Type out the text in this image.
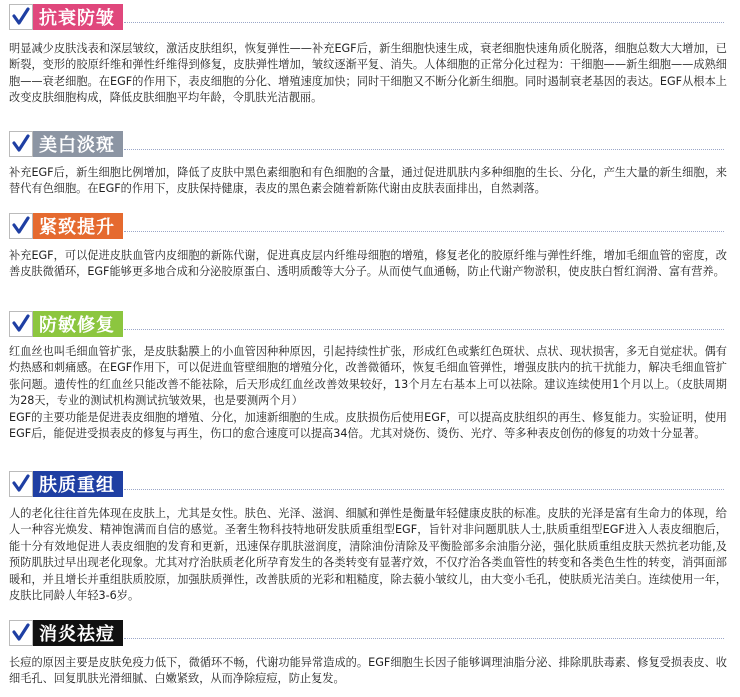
抗衰防皱

明显减少皮肤浅表和深层皱纹，激活皮肤组织，恢复弹性——补充EGF后，新生细胞快速生成，衰老细胞快速角质化脱落，细胞总数大大增加，已断裂，变形的胶原纤维和弹性纤维得到修复，皮肤弹性增加，皱纹逐渐平复、消失。人体细胞的正常分化过程为：干细胞——新生细胞——成熟细胞——衰老细胞。在EGF的作用下，表皮细胞的分化、增殖速度加快；同时干细胞又不断分化新生细胞。同时遏制衰老基因的表达。EGF从根本上改变皮肤细胞构成，降低皮肤细胞平均年龄，令肌肤光洁靓丽。

美白淡斑

补充EGF后，新生细胞比例增加，降低了皮肤中黑色素细胞和有色细胞的含量，通过促进肌肤内多种细胞的生长、分化，产生大量的新生细胞，来替代有色细胞。在EGF的作用下，皮肤保持健康，表皮的黑色素会随着新陈代谢由皮肤表面排出，自然剥落。

紧致提升

补充EGF，可以促进皮肤血管内皮细胞的新陈代谢，促进真皮层内纤维母细胞的增殖，修复老化的胶原纤维与弹性纤维，增加毛细血管的密度，改善皮肤微循环，EGF能够更多地合成和分泌胶原蛋白、透明质酸等大分子。从而使气血通畅，防止代谢产物淤积，使皮肤白皙红润滑、富有营养。

防敏修复

红血丝也叫毛细血管扩张，是皮肤黏膜上的小血管因种种原因，引起持续性扩张，形成红色或紫红色斑状、点状、现状损害，多无自觉症状。偶有灼热感和刺痛感。在EGF作用下，可以促进血管壁细胞的增殖分化，改善微循环，恢复毛细血管弹性，增强皮肤内的抗干扰能力，解决毛细血管扩张问题。遗传性的红血丝只能改善不能祛除，后天形成红血丝改善效果较好，13个月左右基本上可以祛除。建议连续使用1个月以上。（皮肤周期为28天，专业的测试机构测试抗皱效果，也是要测两个月）

EGF的主要功能是促进表皮细胞的增殖、分化，加速新细胞的生成。皮肤损伤后使用EGF，可以提高皮肤组织的再生、修复能力。实验证明，使用EGF后，能促进受损表皮的修复与再生，伤口的愈合速度可以提高34倍。尤其对烧伤、烫伤、光疗、等多种表皮创伤的修复的功效十分显著。

肤质重组

人的老化往往首先体现在皮肤上，尤其是女性。肤色、光泽、滋润、细腻和弹性是衡量年轻健康皮肤的标准。皮肤的光泽是富有生命力的体现，给人一种容光焕发、精神饱满而自信的感觉。圣奢生物科技特地研发肤质重组型EGF，旨针对非问题肌肤人士,肤质重组型EGF进入人表皮细胞后，能十分有效地促进人表皮细胞的发育和更新，迅速保存肌肤滋润度，清除油份清除及平衡脸部多余油脂分泌，强化肤质重组皮肤天然抗老功能,及预防肌肤过早出现老化现象。尤其对疗治肤质老化所孕育发生的各类转变有显著疗效，不仅疗治各类血管性的转变和各类色生性的转变，消弭面部暖和，并且增长并重组肤质胶原，加强肤质弹性，改善肤质的光彩和粗糙度，除去藐小皱纹儿，由大变小毛孔，使肤质光洁美白。连续使用一年，皮肤比同龄人年轻3-6岁。

消炎祛痘

长痘的原因主要是皮肤免疫力低下，微循环不畅，代谢功能异常造成的。EGF细胞生长因子能够调理油脂分泌、排除肌肤毒素、修复受损表皮、收细毛孔、回复肌肤光滑细腻、白嫩紧致，从而净除痘痘，防止复发。
